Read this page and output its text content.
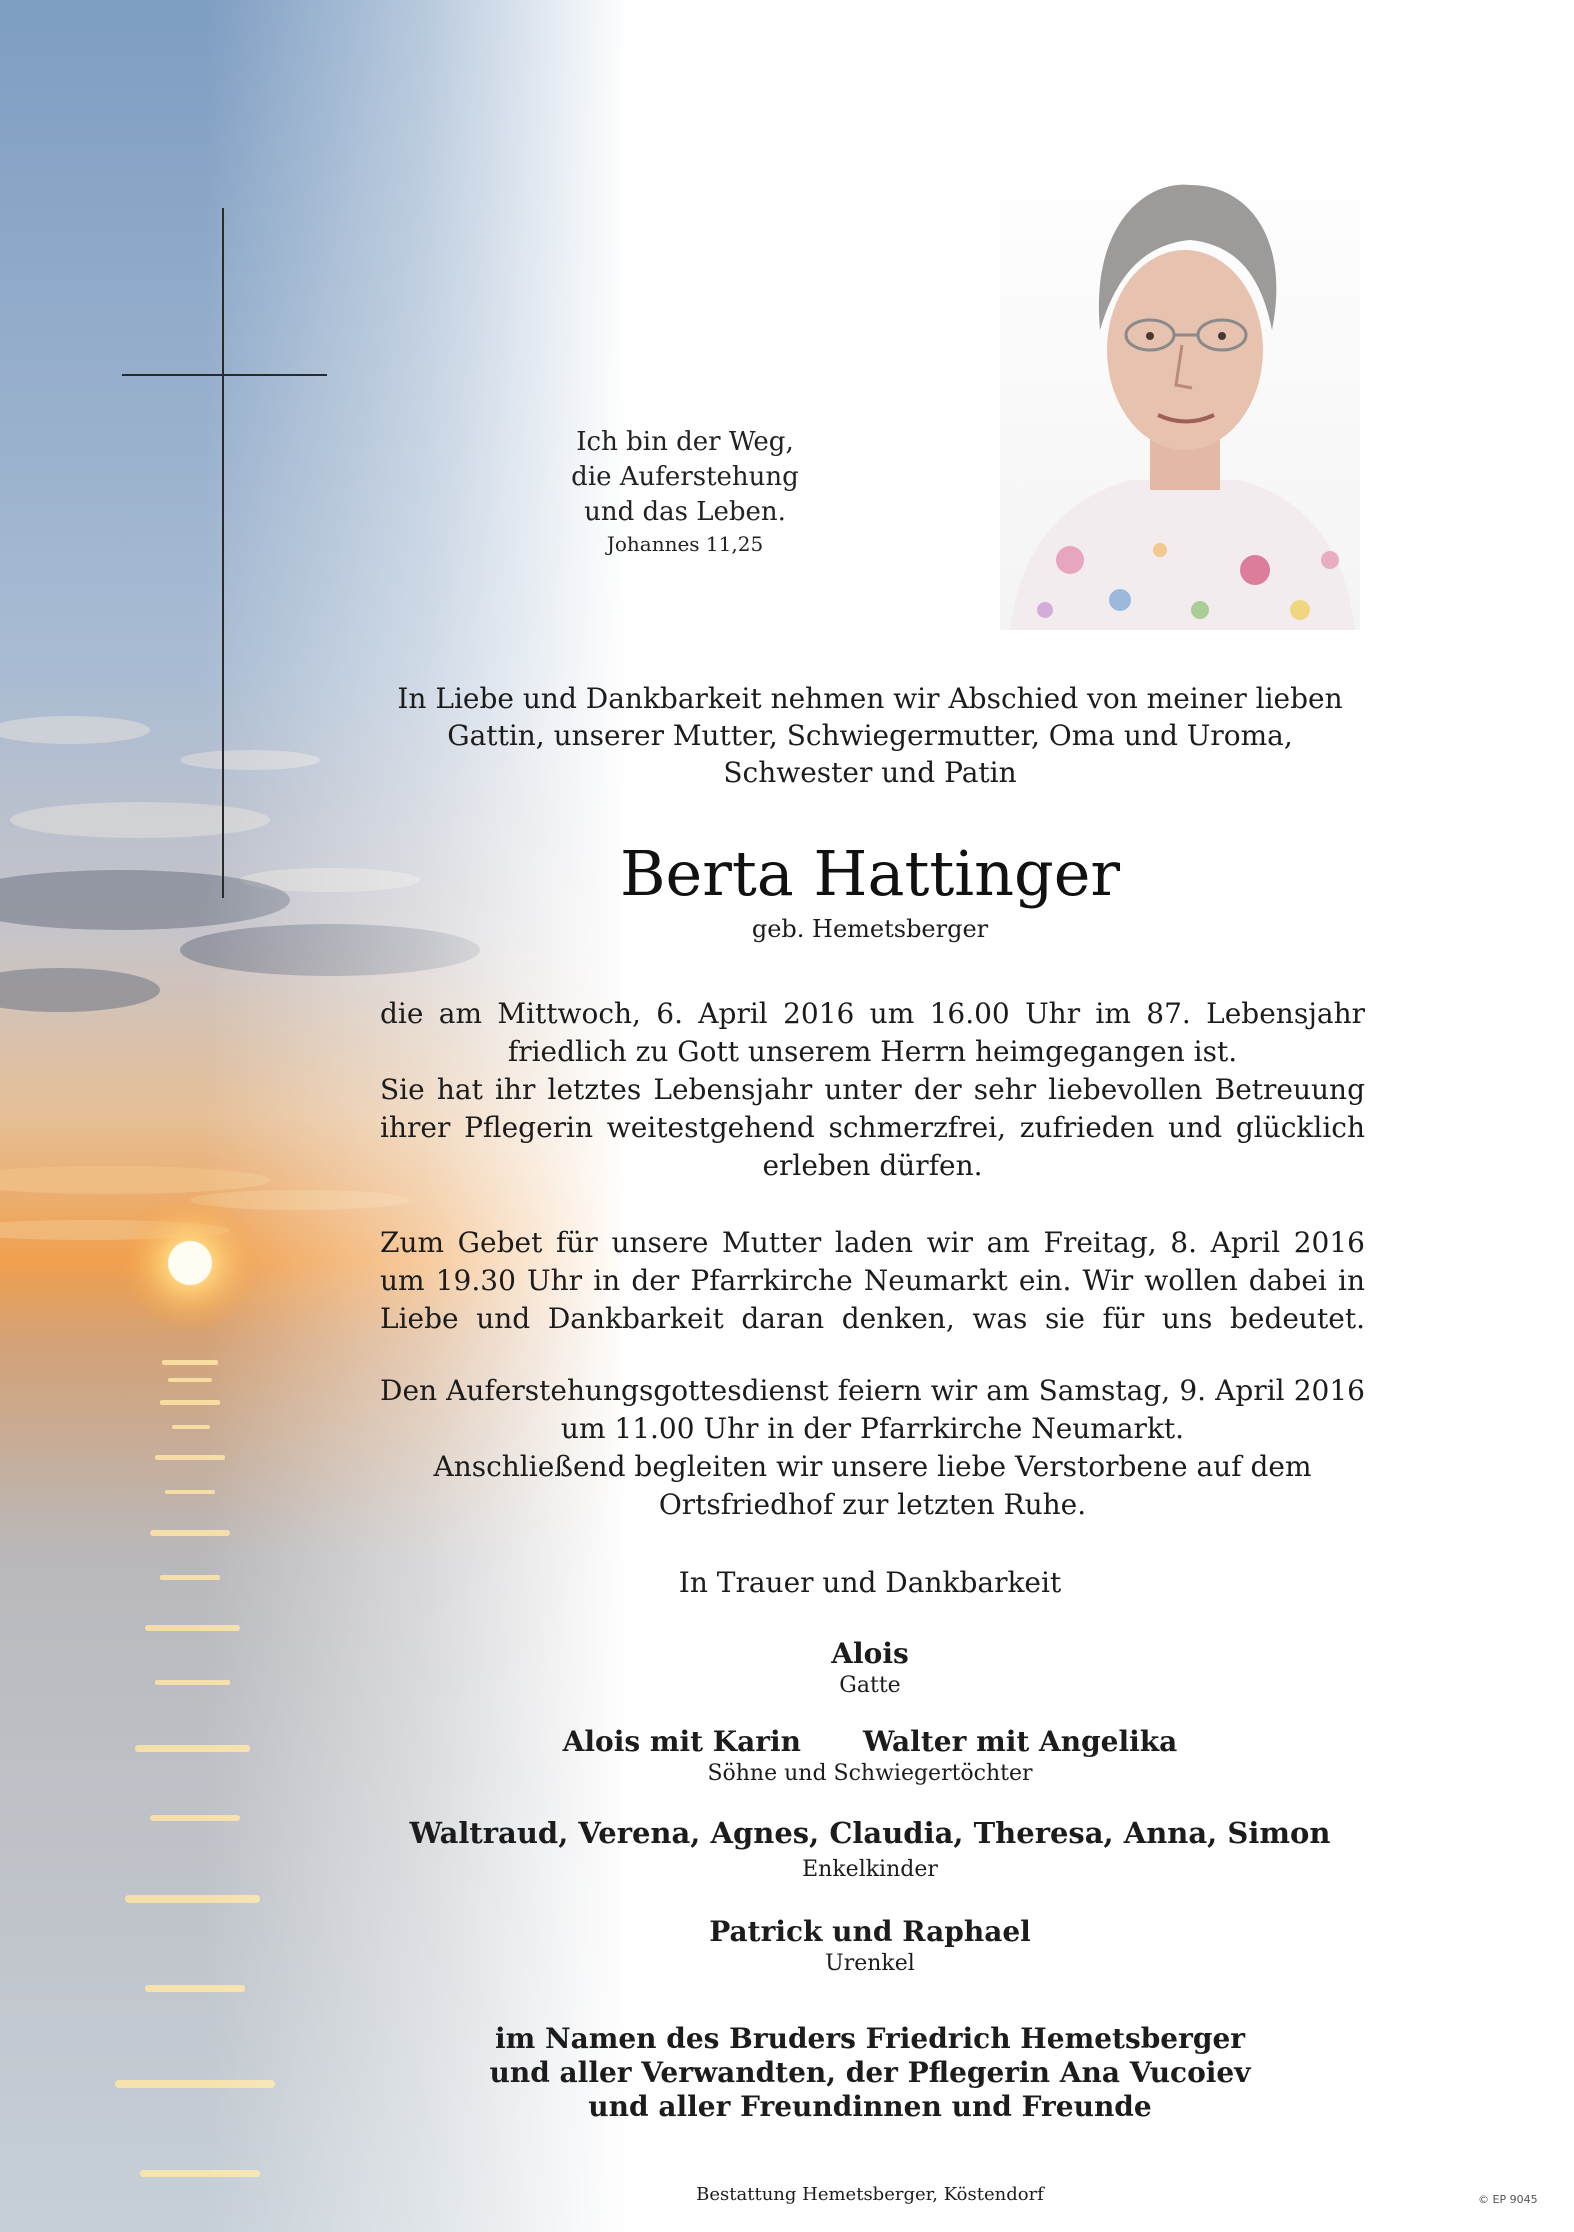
Ich bin der Weg,
die Auferstehung
und das Leben.
Johannes 11,25
In Liebe und Dankbarkeit nehmen wir Abschied von meiner lieben
Gattin, unserer Mutter, Schwiegermutter, Oma und Uroma,
Schwester und Patin
Berta Hattinger
geb. Hemetsberger

die am Mittwoch, 6. April 2016 um 16.00 Uhr im 87. Lebensjahr

friedlich zu Gott unserem Herrn heimgegangen ist.

Sie hat ihr letztes Lebensjahr unter der sehr liebevollen Betreuung

ihrer Pflegerin weitestgehend schmerzfrei, zufrieden und glücklich

erleben dürfen.

Zum Gebet für unsere Mutter laden wir am Freitag, 8. April 2016

um 19.30 Uhr in der Pfarrkirche Neumarkt ein. Wir wollen dabei in

Liebe und Dankbarkeit daran denken, was sie für uns bedeutet.

Den Auferstehungsgottesdienst feiern wir am Samstag, 9. April 2016

um 11.00 Uhr in der Pfarrkirche Neumarkt.

Anschließend begleiten wir unsere liebe Verstorbene auf dem

Ortsfriedhof zur letzten Ruhe.

In Trauer und Dankbarkeit
Alois
Gatte
Alois mit Karin Walter mit Angelika
Söhne und Schwiegertöchter
Waltraud, Verena, Agnes, Claudia, Theresa, Anna, Simon
Enkelkinder
Patrick und Raphael
Urenkel
im Namen des Bruders Friedrich Hemetsberger
und aller Verwandten, der Pflegerin Ana Vucoiev
und aller Freundinnen und Freunde
Bestattung Hemetsberger, Köstendorf	© EP 9045
